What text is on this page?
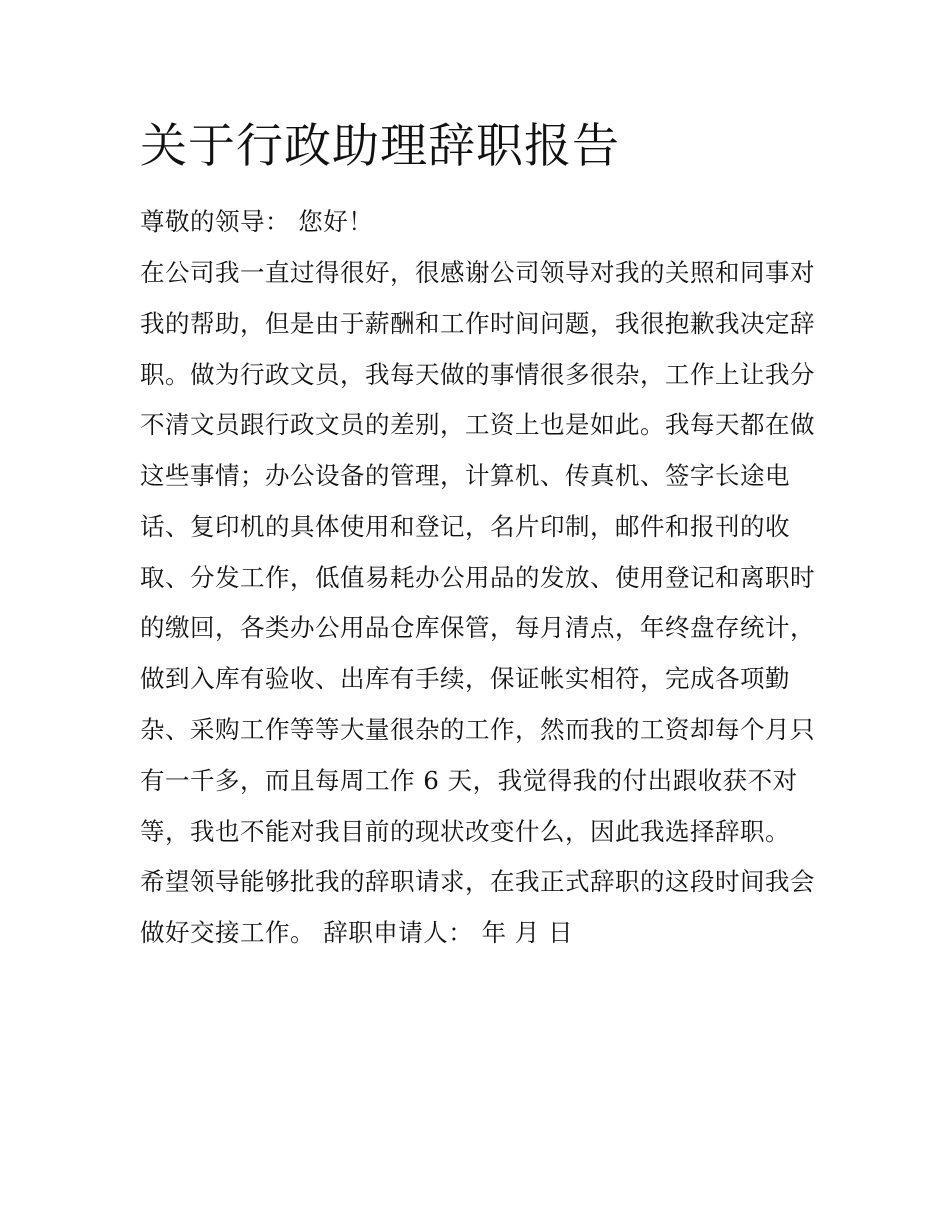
关于行政助理辞职报告

尊敬的领导： 您好！

在公司我一直过得很好，很感谢公司领导对我的关照和同事对

我的帮助，但是由于薪酬和工作时间问题，我很抱歉我决定辞

职。做为行政文员，我每天做的事情很多很杂，工作上让我分

不清文员跟行政文员的差别，工资上也是如此。我每天都在做

这些事情；办公设备的管理，计算机、传真机、签字长途电

话、复印机的具体使用和登记，名片印制，邮件和报刊的收

取、分发工作，低值易耗办公用品的发放、使用登记和离职时

的缴回，各类办公用品仓库保管，每月清点，年终盘存统计，

做到入库有验收、出库有手续，保证帐实相符，完成各项勤

杂、采购工作等等大量很杂的工作，然而我的工资却每个月只

有一千多，而且每周工作 6 天，我觉得我的付出跟收获不对

等，我也不能对我目前的现状改变什么，因此我选择辞职。

希望领导能够批我的辞职请求，在我正式辞职的这段时间我会

做好交接工作。 辞职申请人： 年 月 日
